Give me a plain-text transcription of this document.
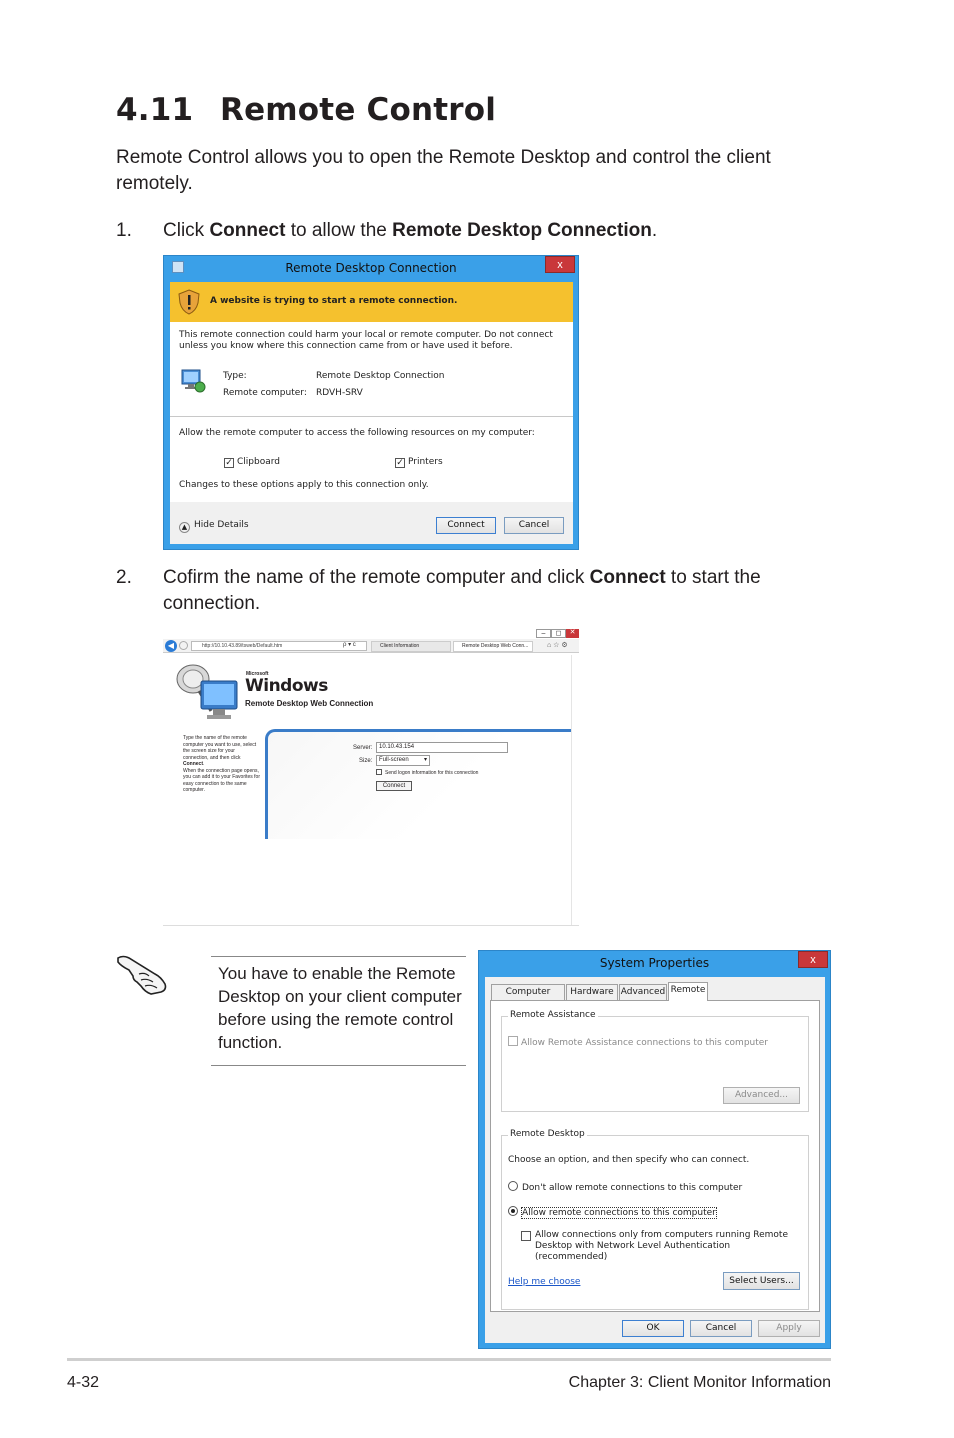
4.11 Remote Control
Remote Control allows you to open the Remote Desktop and control the client remotely.
1. Click Connect to allow the Remote Desktop Connection.
Remote Desktop Connection	x
A website is trying to start a remote connection.
This remote connection could harm your local or remote computer. Do not connect unless you know where this connection came from or have used it before.
Type:	Remote Desktop Connection
Remote computer: RDVH-SRV
Allow the remote computer to access the following resources on my computer:
✓ Clipboard	✓ Printers
Changes to these options apply to this connection only.
▲ Hide Details	Connect	Cancel
2. Cofirm the name of the remote computer and click Connect to start the connection.
–	◻	✕
◀	http://10.10.43.89/tsweb/Default.htm	ρ ▾ c	Client Information	Remote Desktop Web Conn...	⌂ ☆ ⚙
Microsoft
Windows
Remote Desktop Web Connection
Type the name of the remote computer you want to use, select the screen size for your connection, and then click Connect.
When the connection page opens, you can add it to your Favorites for easy connection to the same computer.
Server:	10.10.43.154
Size:	Full-screen	▾
Send logon information for this connection
Connect
You have to enable the Remote Desktop on your client computer before using the remote control function.
System Properties	x
Computer	Hardware Advanced Remote
Remote Assistance
Allow Remote Assistance connections to this computer
Advanced...
Remote Desktop
Choose an option, and then specify who can connect.
Don't allow remote connections to this computer
Allow remote connections to this computer
Allow connections only from computers running Remote Desktop with Network Level Authentication (recommended)
Help me choose	Select Users...
OK	Cancel	Apply
4-32	Chapter 3: Client Monitor Information
